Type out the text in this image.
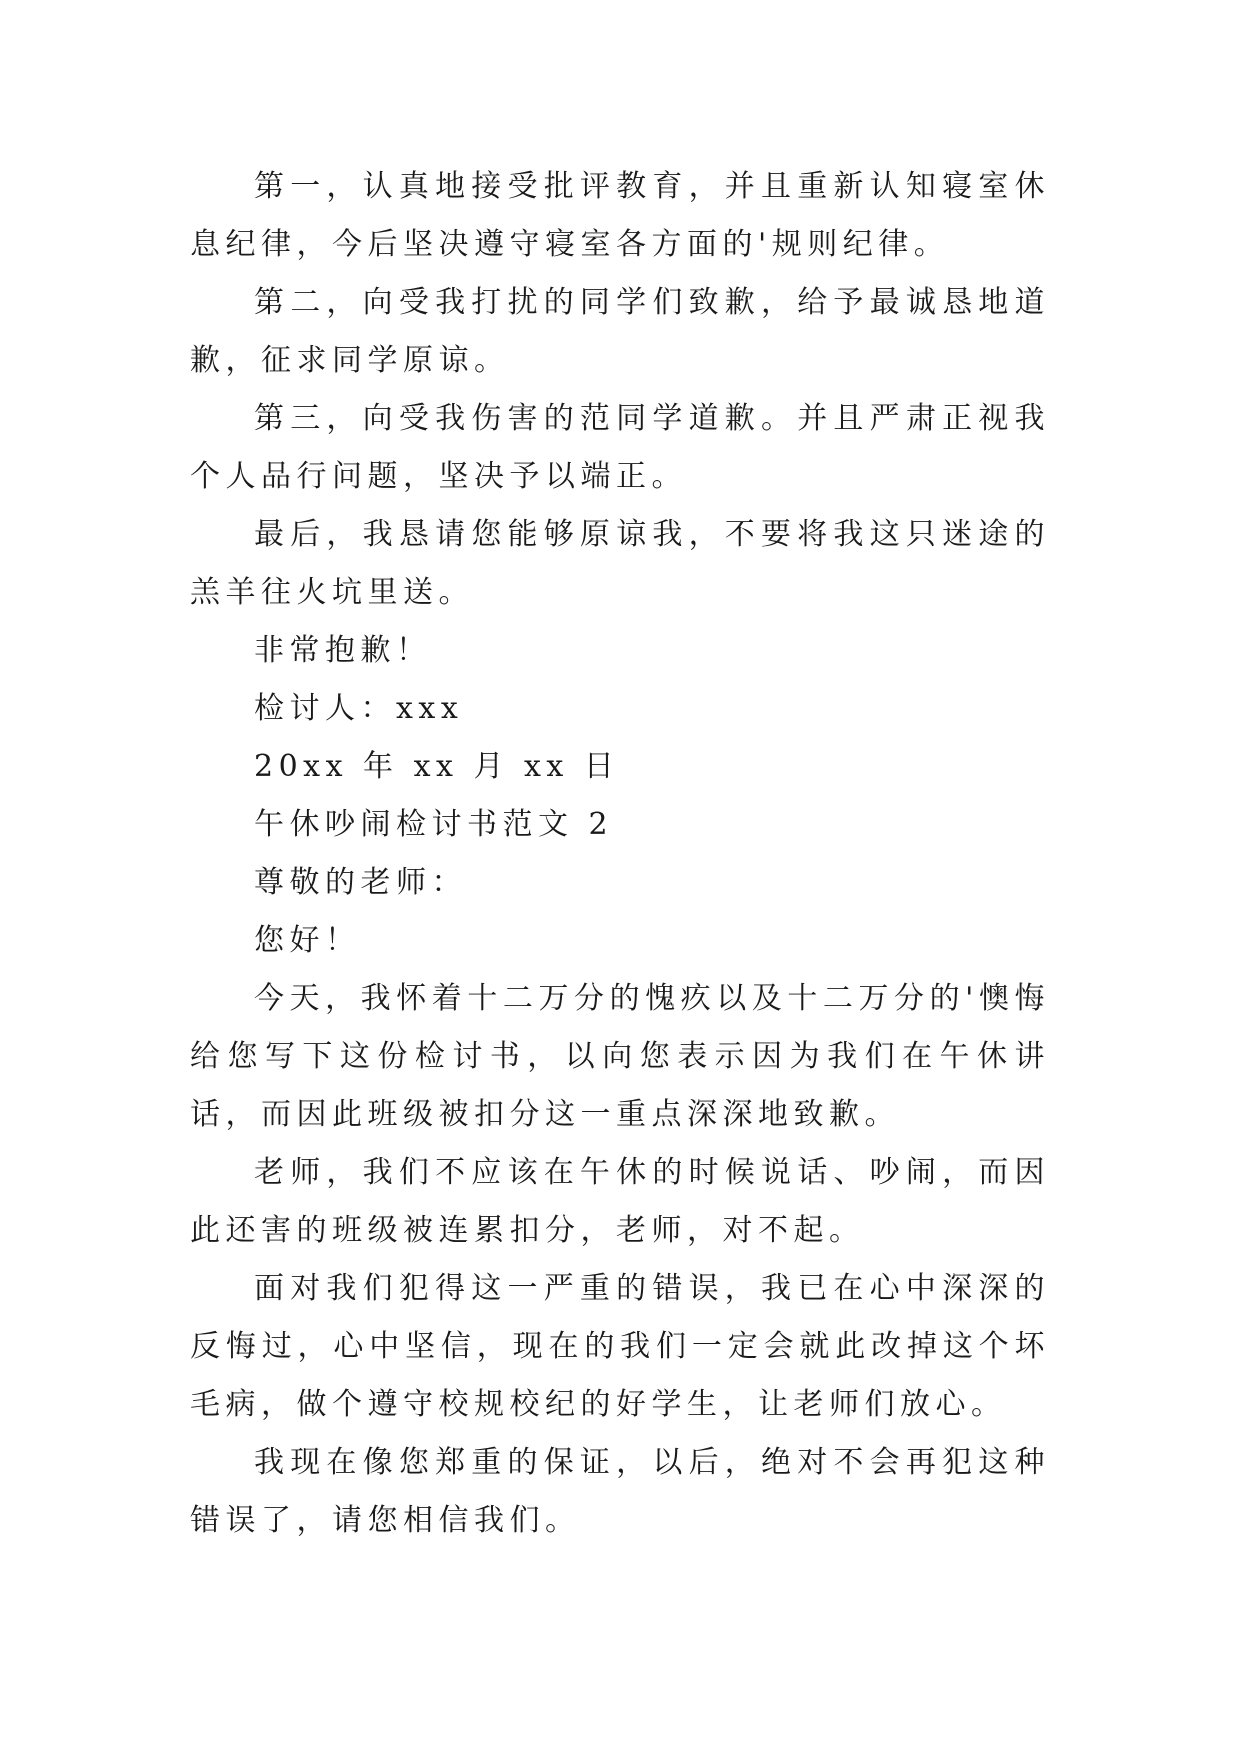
第一，认真地接受批评教育，并且重新认知寝室休息纪律，今后坚决遵守寝室各方面的'规则纪律。

第二，向受我打扰的同学们致歉，给予最诚恳地道歉，征求同学原谅。

第三，向受我伤害的范同学道歉。并且严肃正视我个人品行问题，坚决予以端正。

最后，我恳请您能够原谅我，不要将我这只迷途的羔羊往火坑里送。

非常抱歉！

检讨人：xxx

20xx 年 xx 月 xx 日

午休吵闹检讨书范文 2

尊敬的老师：

您好！

今天，我怀着十二万分的愧疚以及十二万分的'懊悔给您写下这份检讨书，以向您表示因为我们在午休讲话，而因此班级被扣分这一重点深深地致歉。

老师，我们不应该在午休的时候说话、吵闹，而因此还害的班级被连累扣分，老师，对不起。

面对我们犯得这一严重的错误，我已在心中深深的反悔过，心中坚信，现在的我们一定会就此改掉这个坏毛病，做个遵守校规校纪的好学生，让老师们放心。

我现在像您郑重的保证，以后，绝对不会再犯这种错误了，请您相信我们。
